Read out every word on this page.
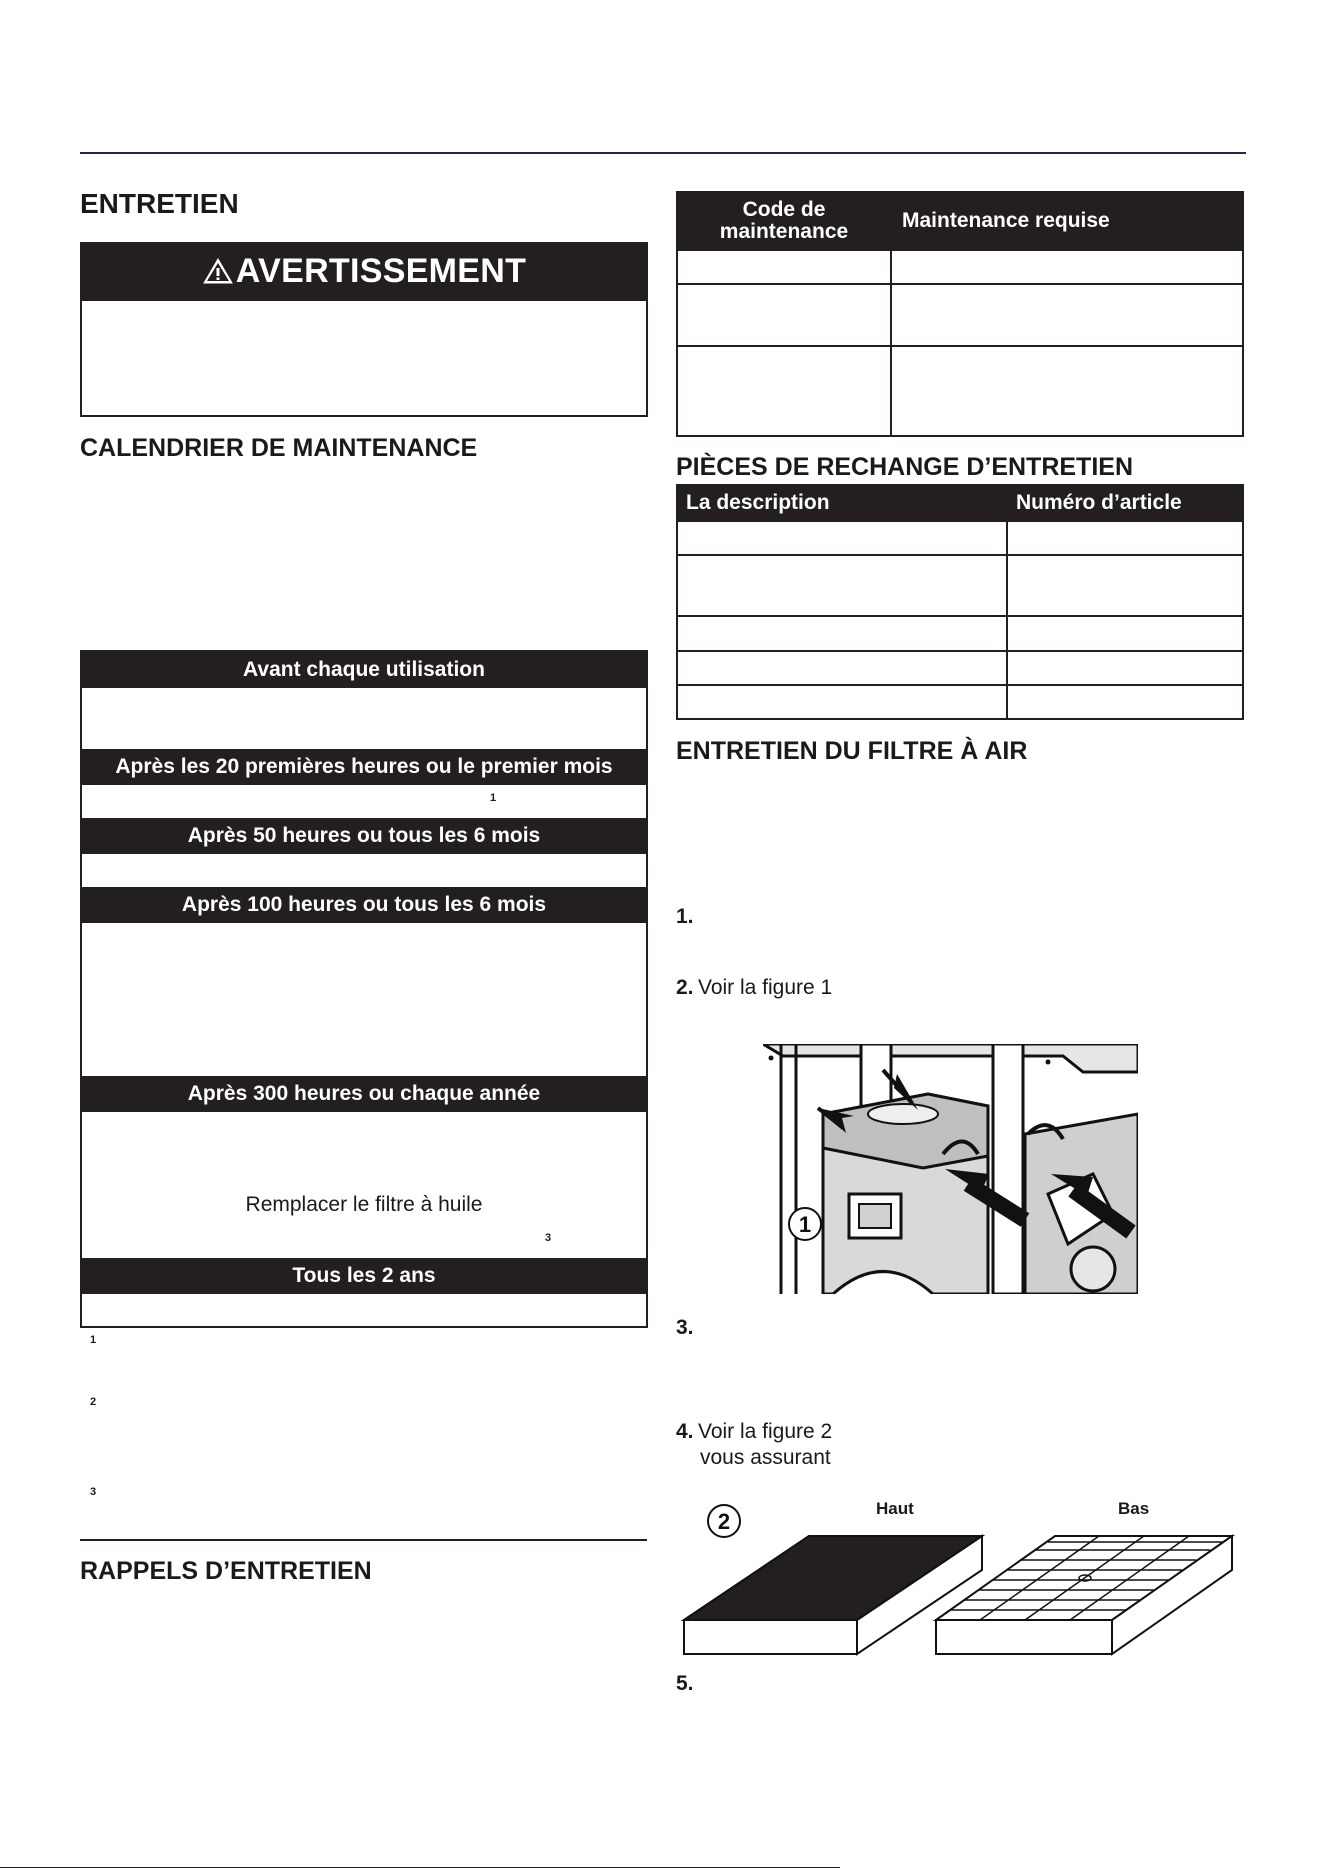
ENTRETIEN
AVERTISSEMENT
CALENDRIER DE MAINTENANCE
Avant chaque utilisation
Après les 20 premières heures ou le premier mois
1
Après 50 heures ou tous les 6 mois
Après 100 heures ou tous les 6 mois
Après 300 heures ou chaque année
Remplacer le filtre à huile
3
Tous les 2 ans
1
2
3
RAPPELS D’ENTRETIEN
Code de
maintenance	Maintenance requise

PIÈCES DE RECHANGE D’ENTRETIEN
La description	Numéro d’article

ENTRETIEN DU FILTRE À AIR
1.
2. Voir la figure 1
1
3.
4. Voir la figure 2
vous assurant
Haut	Bas
2
5.
